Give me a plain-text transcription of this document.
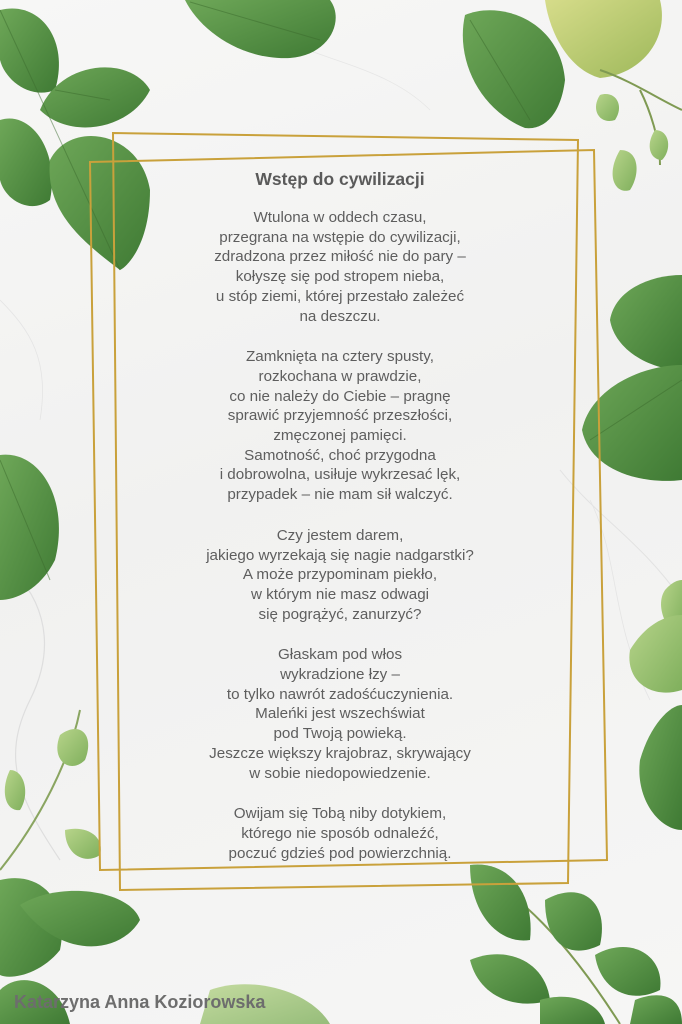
Wstęp do cywilizacji
Wtulona w oddech czasu,
przegrana na wstępie do cywilizacji,
zdradzona przez miłość nie do pary –
kołyszę się pod stropem nieba,
u stóp ziemi, której przestało zależeć
na deszczu.
Zamknięta na cztery spusty,
rozkochana w prawdzie,
co nie należy do Ciebie – pragnę
sprawić przyjemność przeszłości,
zmęczonej pamięci.
Samotność, choć przygodna
i dobrowolna, usiłuje wykrzesać lęk,
przypadek – nie mam sił walczyć.
Czy jestem darem,
jakiego wyrzekają się nagie nadgarstki?
A może przypominam piekło,
w którym nie masz odwagi
się pogrążyć, zanurzyć?
Głaskam pod włos
wykradzione łzy –
to tylko nawrót zadośćuczynienia.
Maleńki jest wszechświat
pod Twoją powieką.
Jeszcze większy krajobraz, skrywający
w sobie niedopowiedzenie.
Owijam się Tobą niby dotykiem,
którego nie sposób odnaleźć,
poczuć gdzieś pod powierzchnią.
Katarzyna Anna Koziorowska
